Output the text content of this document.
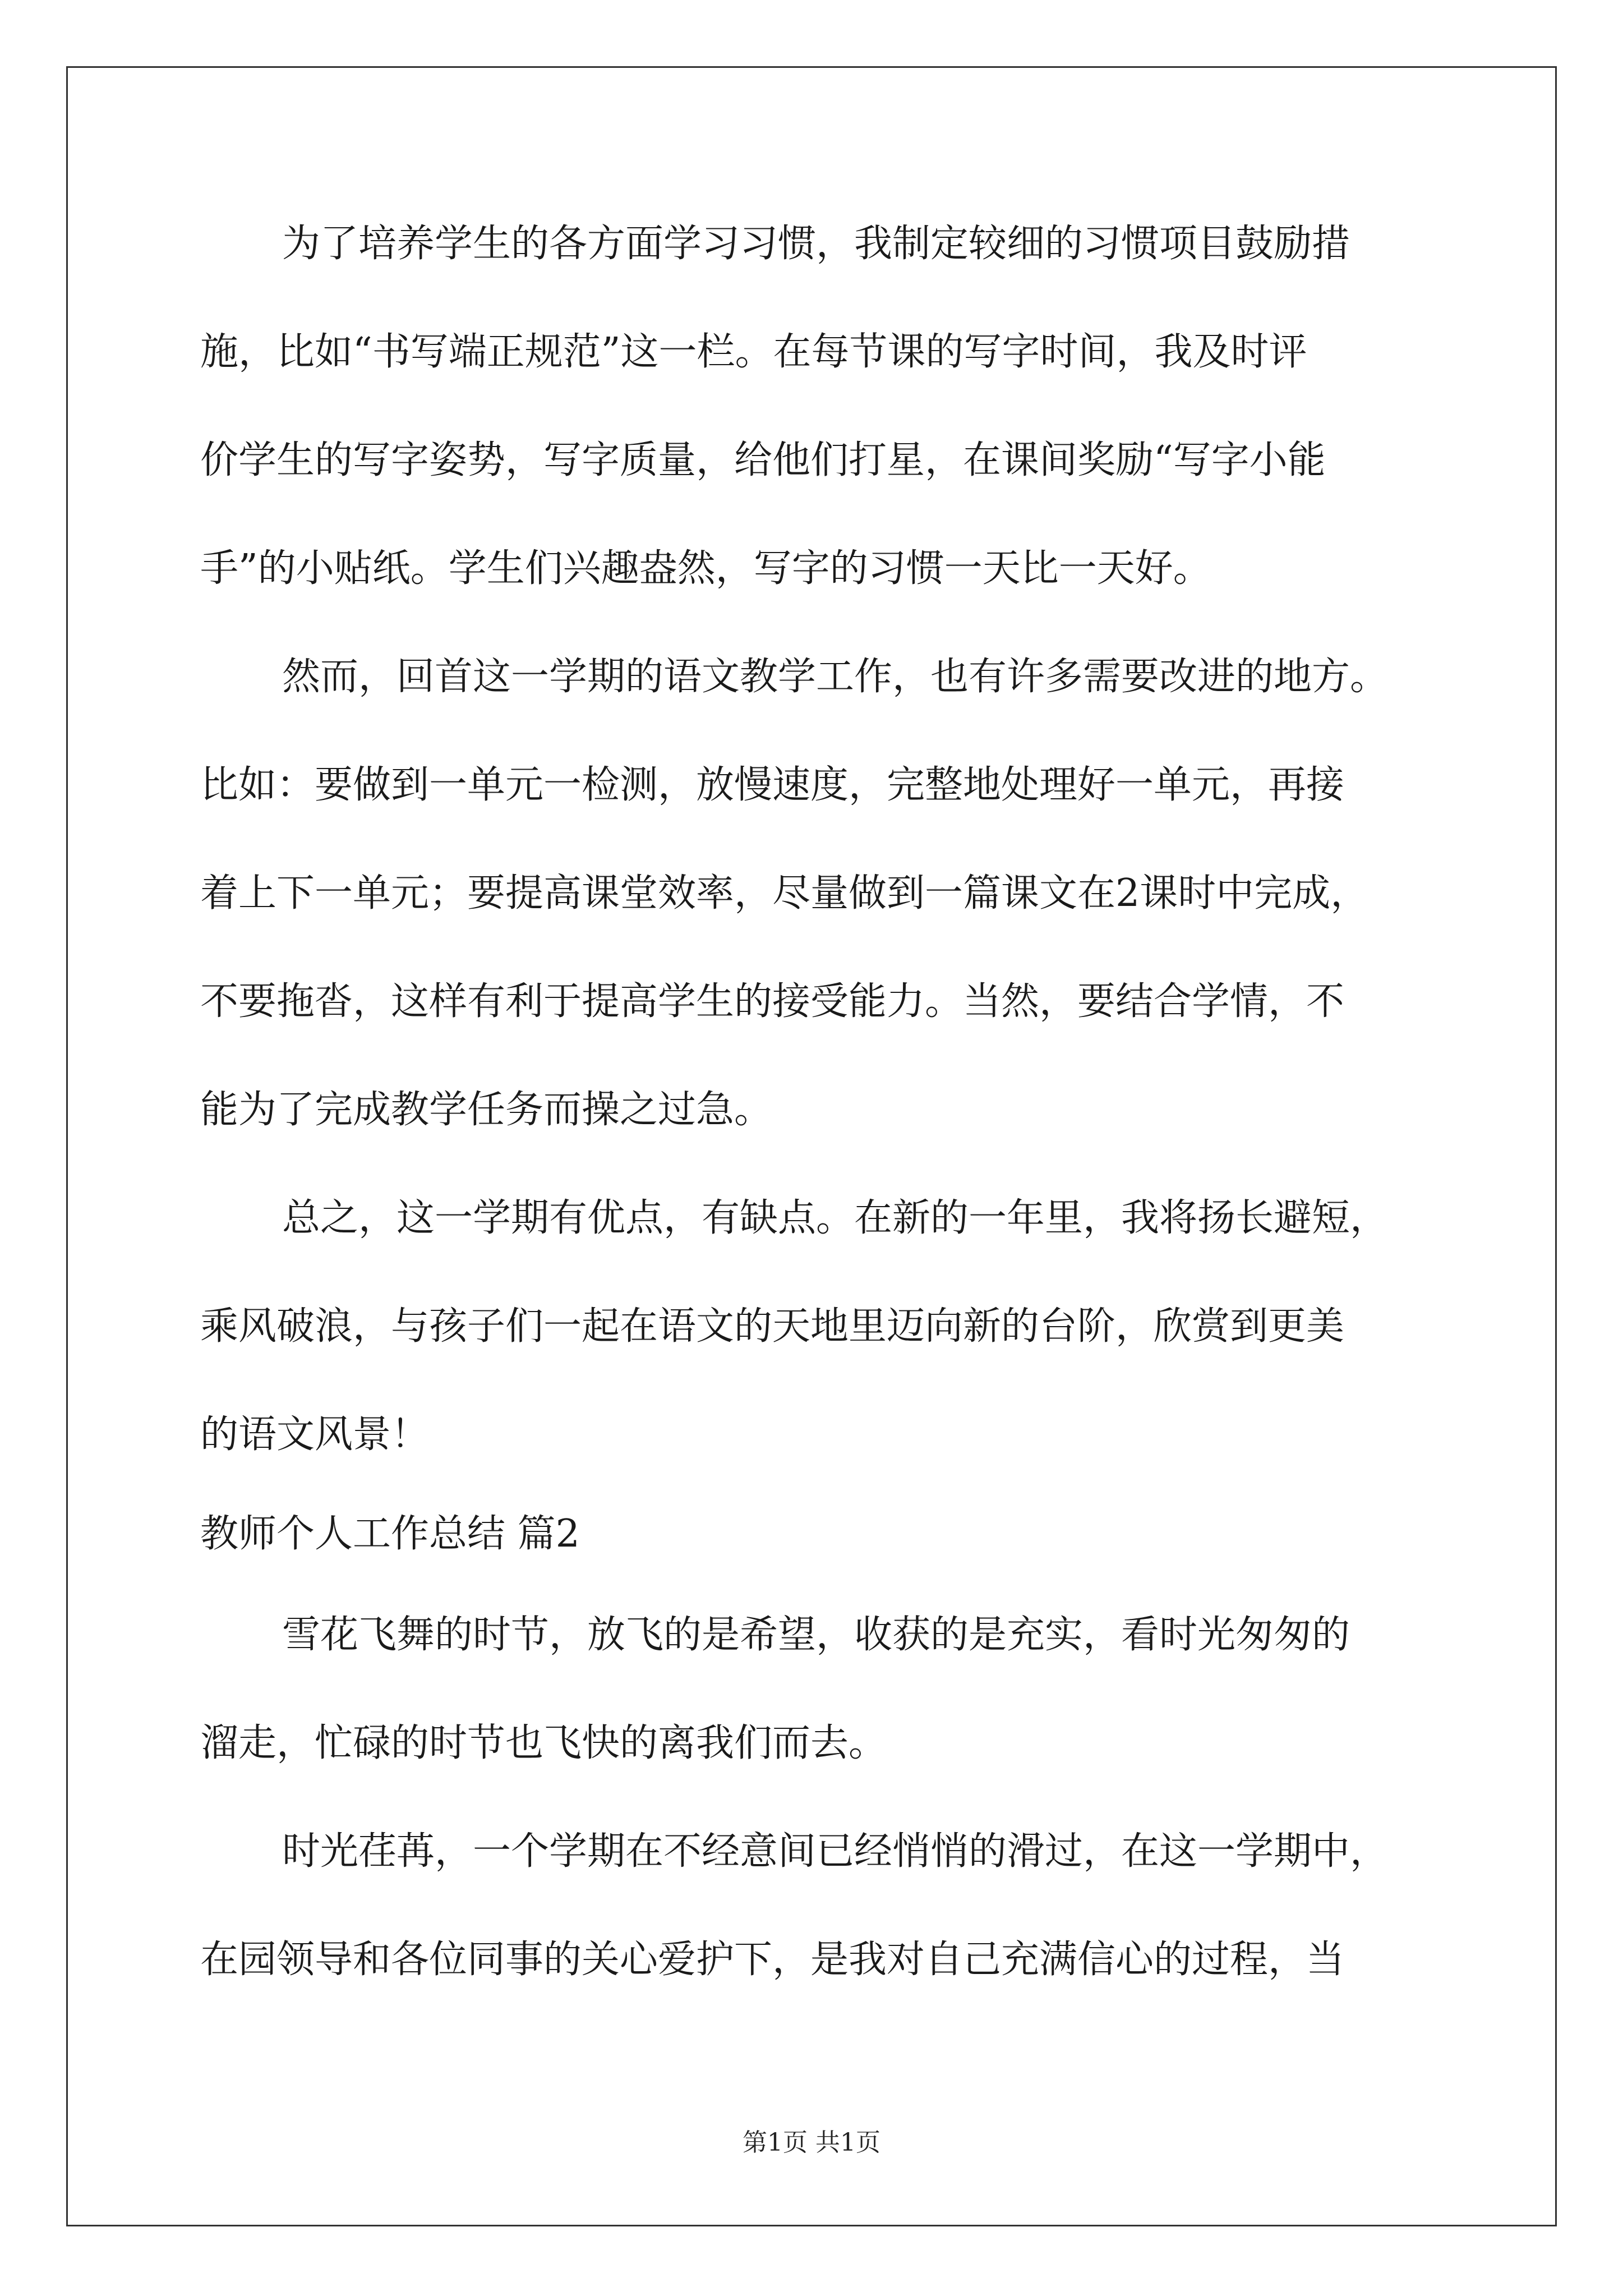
为了培养学生的各方面学习习惯，我制定较细的习惯项目鼓励措
施，比如“书写端正规范”这一栏。在每节课的写字时间，我及时评
价学生的写字姿势，写字质量，给他们打星，在课间奖励“写字小能
手”的小贴纸。学生们兴趣盎然，写字的习惯一天比一天好。
然而，回首这一学期的语文教学工作，也有许多需要改进的地方。
比如：要做到一单元一检测，放慢速度，完整地处理好一单元，再接
着上下一单元；要提高课堂效率，尽量做到一篇课文在2课时中完成，
不要拖沓，这样有利于提高学生的接受能力。当然，要结合学情，不
能为了完成教学任务而操之过急。
总之，这一学期有优点，有缺点。在新的一年里，我将扬长避短，
乘风破浪，与孩子们一起在语文的天地里迈向新的台阶，欣赏到更美
的语文风景！
教师个人工作总结 篇2
雪花飞舞的时节，放飞的是希望，收获的是充实，看时光匆匆的
溜走，忙碌的时节也飞快的离我们而去。
时光荏苒，一个学期在不经意间已经悄悄的滑过，在这一学期中，
在园领导和各位同事的关心爱护下，是我对自己充满信心的过程，当
第1页 共1页
